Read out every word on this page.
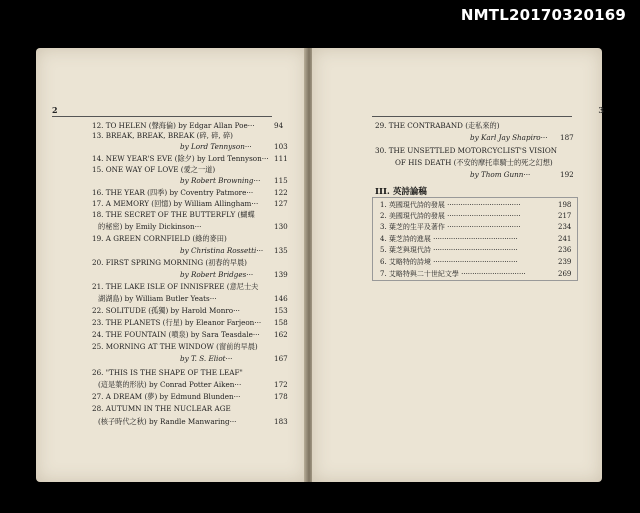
NMTL20170320169
2	3
12. TO HELEN (聲海倫) by Edgar Allan Poe···	94
13. BREAK, BREAK, BREAK (碎, 碎, 碎)
by Lord Tennyson···	103
14. NEW YEAR'S EVE (除夕) by Lord Tennyson··· 111
15. ONE WAY OF LOVE (愛之一道)
by Robert Browning··· 115
16. THE YEAR (四季) by Coventry Patmore···	122
17. A MEMORY (回憶) by William Allingham··· 127
18. THE SECRET OF THE BUTTERFLY (蝴蝶
的秘密) by Emily Dickinson···	130
19. A GREEN CORNFIELD (綠的麥田)
by Christina Rossetti··· 135
20. FIRST SPRING MORNING (初春的早晨)
by Robert Bridges···	139
21. THE LAKE ISLE OF INNISFREE (意尼士夫
湖湖島) by William Butler Yeats···	146
22. SOLITUDE (孤獨) by Harold Monro···	153
23. THE PLANETS (行星) by Eleanor Farjeon··· 158
24. THE FOUNTAIN (噴泉) by Sara Teasdale··· 162
25. MORNING AT THE WINDOW (窗前的早晨)
by T. S. Eliot···	167
26. "THIS IS THE SHAPE OF THE LEAF"
(這是葉的形狀) by Conrad Potter Aiken···	172
27. A DREAM (夢) by Edmund Blunden···	178
28. AUTUMN IN THE NUCLEAR AGE
(核子時代之秋) by Randle Manwaring···	183
29. THE CONTRABAND (走私來的)
by Karl Jay Shapiro··· 187
30. THE UNSETTLED MOTORCYCLIST'S VISION
OF HIS DEATH (不安的摩托車騎士的死之幻想)
by Thom Gunn···	192
III. 英詩論稿
1. 英國現代詩的發展 ·································	198
2. 美國現代詩的發展 ·································	217
3. 葉芝的生平及著作 ·································	234
4. 葉芝詩的進展 ······································	241
5. 葉芝與現代詩 ······································	236
6. 艾略特的詩境 ······································	239
7. 艾略特與二十世紀文學 ·····························	269
